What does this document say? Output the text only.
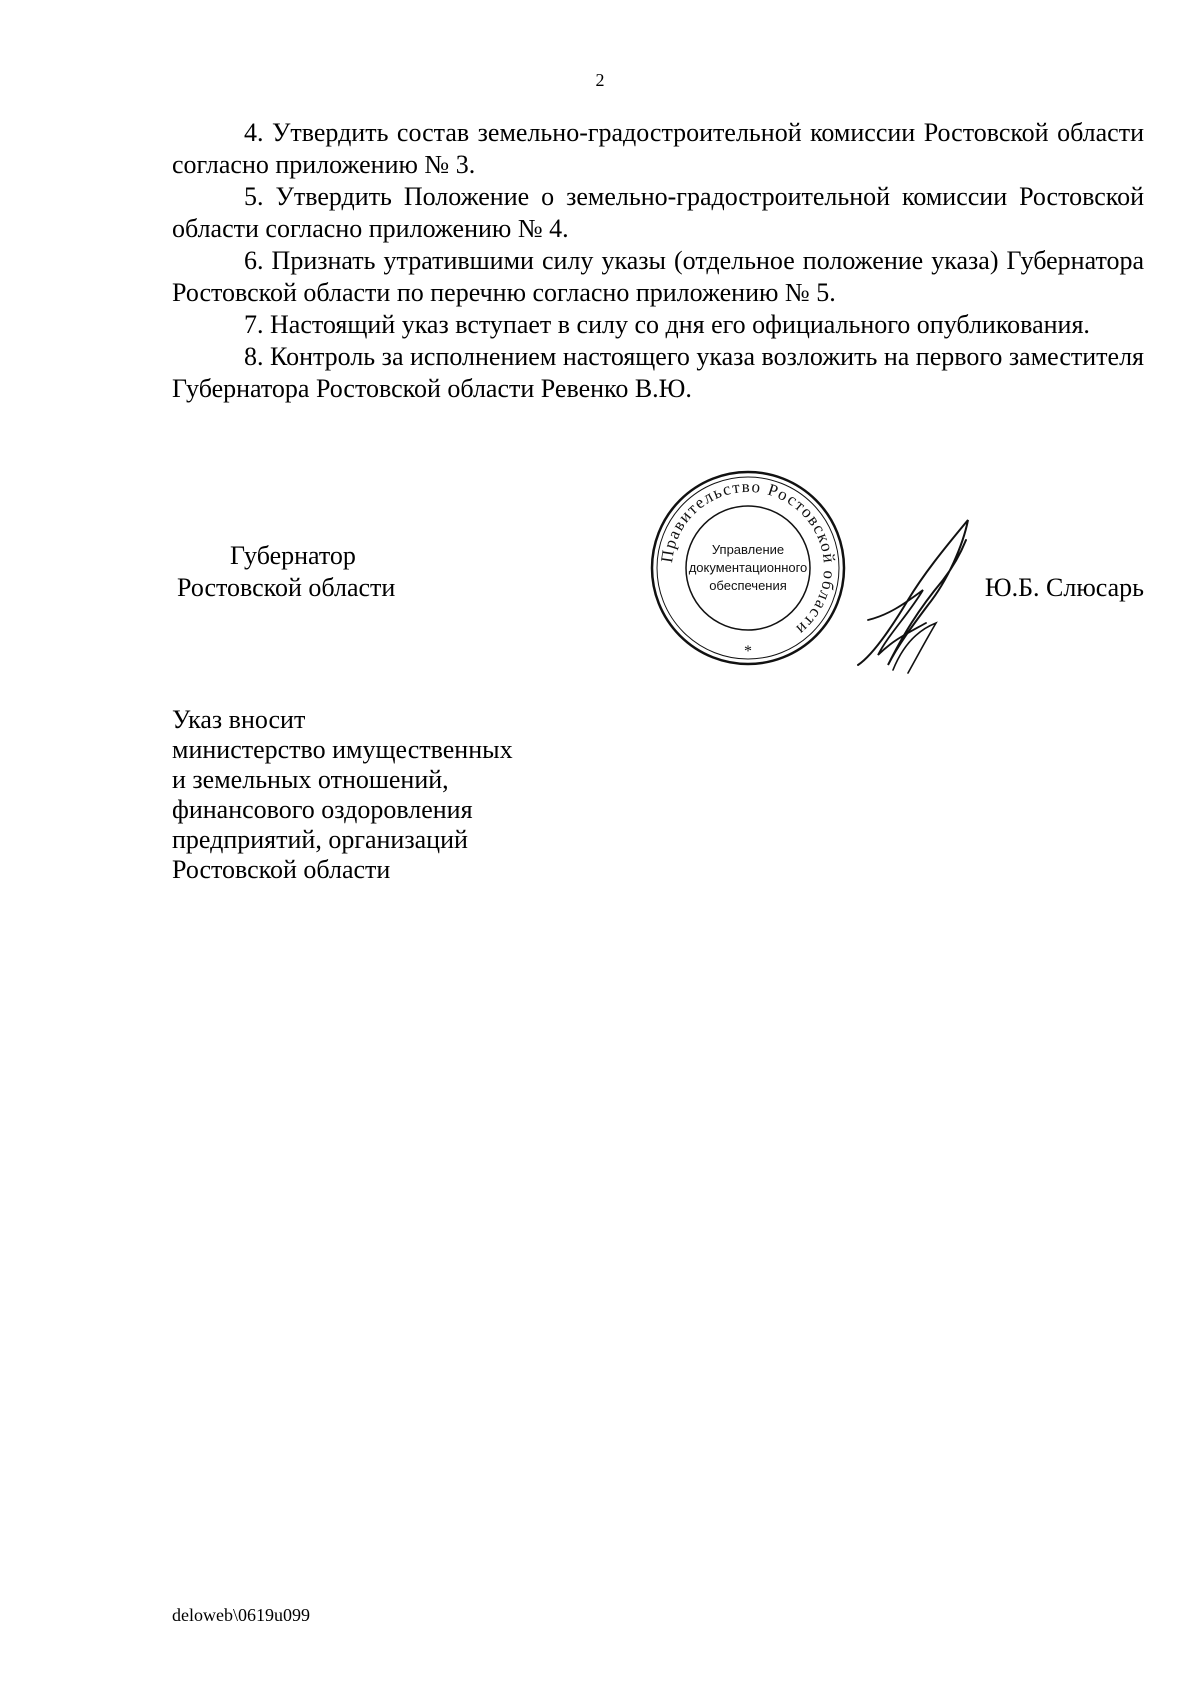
2

4. Утвердить состав земельно-градостроительной комиссии Ростовской области согласно приложению № 3.

5. Утвердить Положение о земельно-градостроительной комиссии Ростовской области согласно приложению № 4.

6. Признать утратившими силу указы (отдельное положение указа) Губернатора Ростовской области по перечню согласно приложению № 5.

7. Настоящий указ вступает в силу со дня его официального опубликования.

8. Контроль за исполнением настоящего указа возложить на первого заместителя Губернатора Ростовской области Ревенко В.Ю.

Губернатор
Ростовской области	Ю.Б. Слюсарь
Правительство Ростовской области
Управление
документационного
обеспечения
*
Указ вносит
министерство имущественных
и земельных отношений,
финансового оздоровления
предприятий, организаций
Ростовской области
deloweb\0619u099
